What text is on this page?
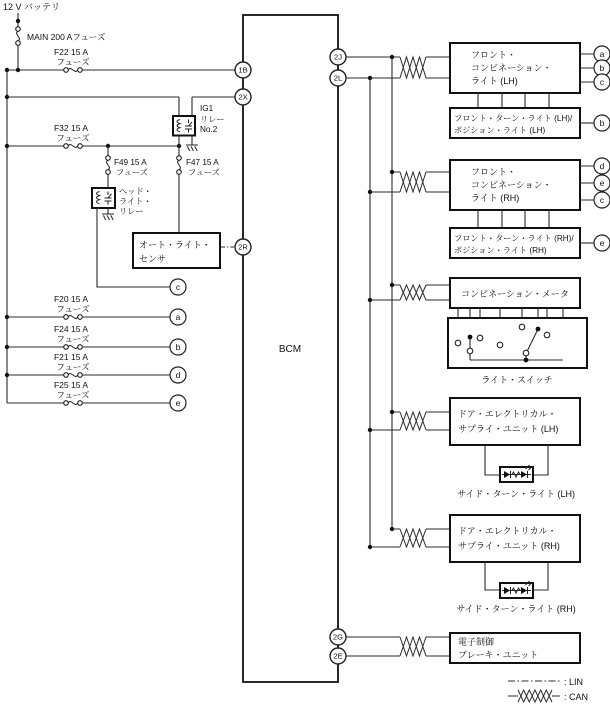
12 V バッテリ
MAIN 200 Aフューズ
F22 15 A
フューズ
F32 15 A
フューズ
IG1
リレー
No.2
F49 15 A
フューズ
ヘッド・
ライト・
リレー
F47 15 A
フューズ
オート・ライト・
センサ
F20 15 A
フューズ
F24 15 A
フューズ
F21 15 A
フューズ
F25 15 A
フューズ
c
a
b
d
e
BCM
1B
2X
2R
2J
2L
2G
2E
フロント・
コンビネーション・
ライト (LH)
a
b
c
フロント・ターン・ライト (LH)/
ポジション・ライト (LH)
b
フロント・
コンビネーション・
ライト (RH)
d
e
c
フロント・ターン・ライト (RH)/
ポジション・ライト (RH)
e
コンビネーション・メータ
ライト・スイッチ
ドア・エレクトリカル・
サプライ・ユニット (LH)
サイド・ターン・ライト (LH)
ドア・エレクトリカル・
サプライ・ユニット (RH)
サイド・ターン・ライト (RH)
電子制御
ブレーキ・ユニット
: LIN
: CAN
